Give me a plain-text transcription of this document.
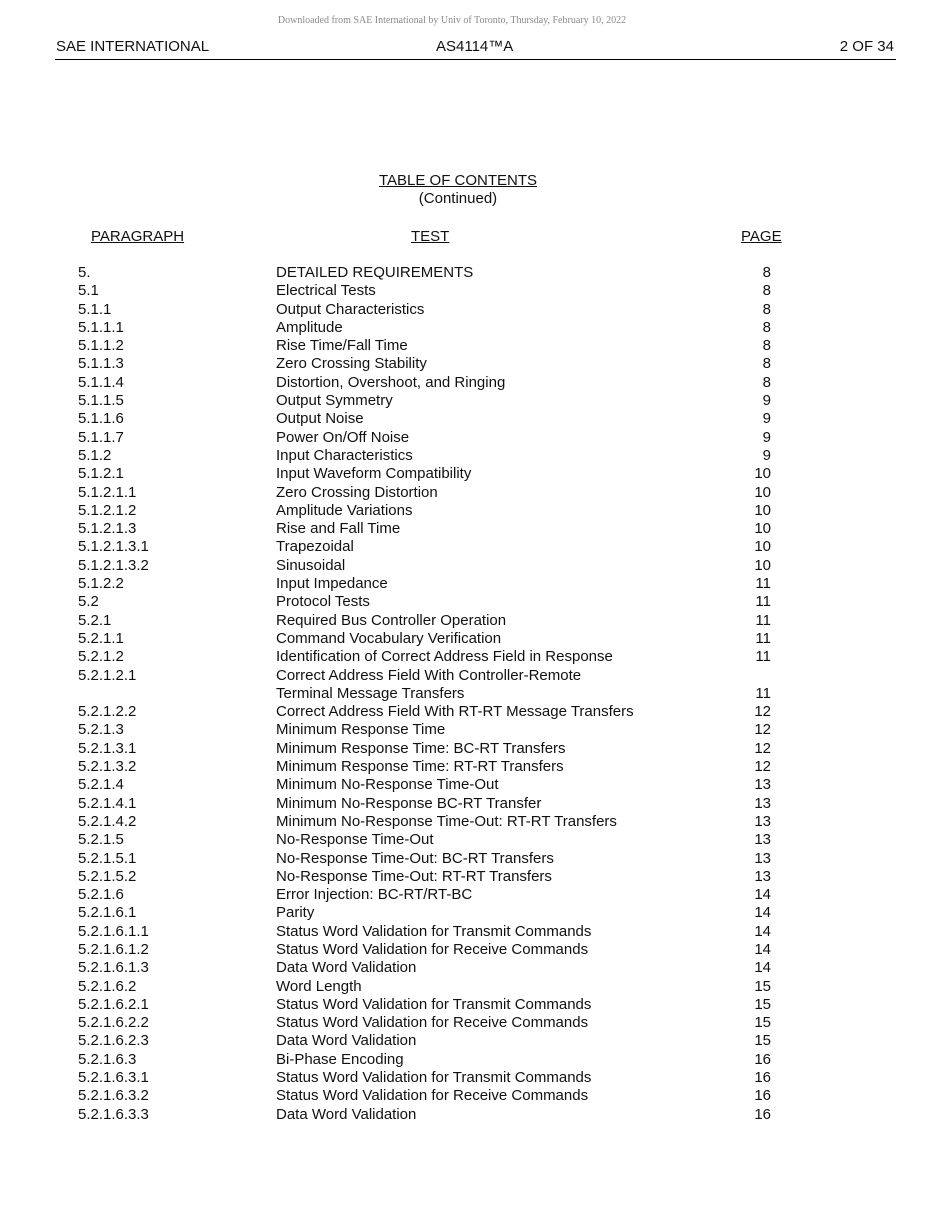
Downloaded from SAE International by Univ of Toronto, Thursday, February 10, 2022
SAE INTERNATIONAL	AS4114™A	2 OF 34
TABLE OF CONTENTS
(Continued)
PARAGRAPH	TEST	PAGE
5.	DETAILED REQUIREMENTS	8
5.1	Electrical Tests	8
5.1.1	Output Characteristics	8
5.1.1.1	Amplitude	8
5.1.1.2	Rise Time/Fall Time	8
5.1.1.3	Zero Crossing Stability	8
5.1.1.4	Distortion, Overshoot, and Ringing	8
5.1.1.5	Output Symmetry	9
5.1.1.6	Output Noise	9
5.1.1.7	Power On/Off Noise	9
5.1.2	Input Characteristics	9
5.1.2.1	Input Waveform Compatibility	10
5.1.2.1.1	Zero Crossing Distortion	10
5.1.2.1.2	Amplitude Variations	10
5.1.2.1.3	Rise and Fall Time	10
5.1.2.1.3.1	Trapezoidal	10
5.1.2.1.3.2	Sinusoidal	10
5.1.2.2	Input Impedance	11
5.2	Protocol Tests	11
5.2.1	Required Bus Controller Operation	11
5.2.1.1	Command Vocabulary Verification	11
5.2.1.2	Identification of Correct Address Field in Response	11
5.2.1.2.1	Correct Address Field With Controller-Remote
Terminal Message Transfers	11
5.2.1.2.2	Correct Address Field With RT-RT Message Transfers	12
5.2.1.3	Minimum Response Time	12
5.2.1.3.1	Minimum Response Time: BC-RT Transfers	12
5.2.1.3.2	Minimum Response Time: RT-RT Transfers	12
5.2.1.4	Minimum No-Response Time-Out	13
5.2.1.4.1	Minimum No-Response BC-RT Transfer	13
5.2.1.4.2	Minimum No-Response Time-Out: RT-RT Transfers	13
5.2.1.5	No-Response Time-Out	13
5.2.1.5.1	No-Response Time-Out: BC-RT Transfers	13
5.2.1.5.2	No-Response Time-Out: RT-RT Transfers	13
5.2.1.6	Error Injection: BC-RT/RT-BC	14
5.2.1.6.1	Parity	14
5.2.1.6.1.1	Status Word Validation for Transmit Commands	14
5.2.1.6.1.2	Status Word Validation for Receive Commands	14
5.2.1.6.1.3	Data Word Validation	14
5.2.1.6.2	Word Length	15
5.2.1.6.2.1	Status Word Validation for Transmit Commands	15
5.2.1.6.2.2	Status Word Validation for Receive Commands	15
5.2.1.6.2.3	Data Word Validation	15
5.2.1.6.3	Bi-Phase Encoding	16
5.2.1.6.3.1	Status Word Validation for Transmit Commands	16
5.2.1.6.3.2	Status Word Validation for Receive Commands	16
5.2.1.6.3.3	Data Word Validation	16
